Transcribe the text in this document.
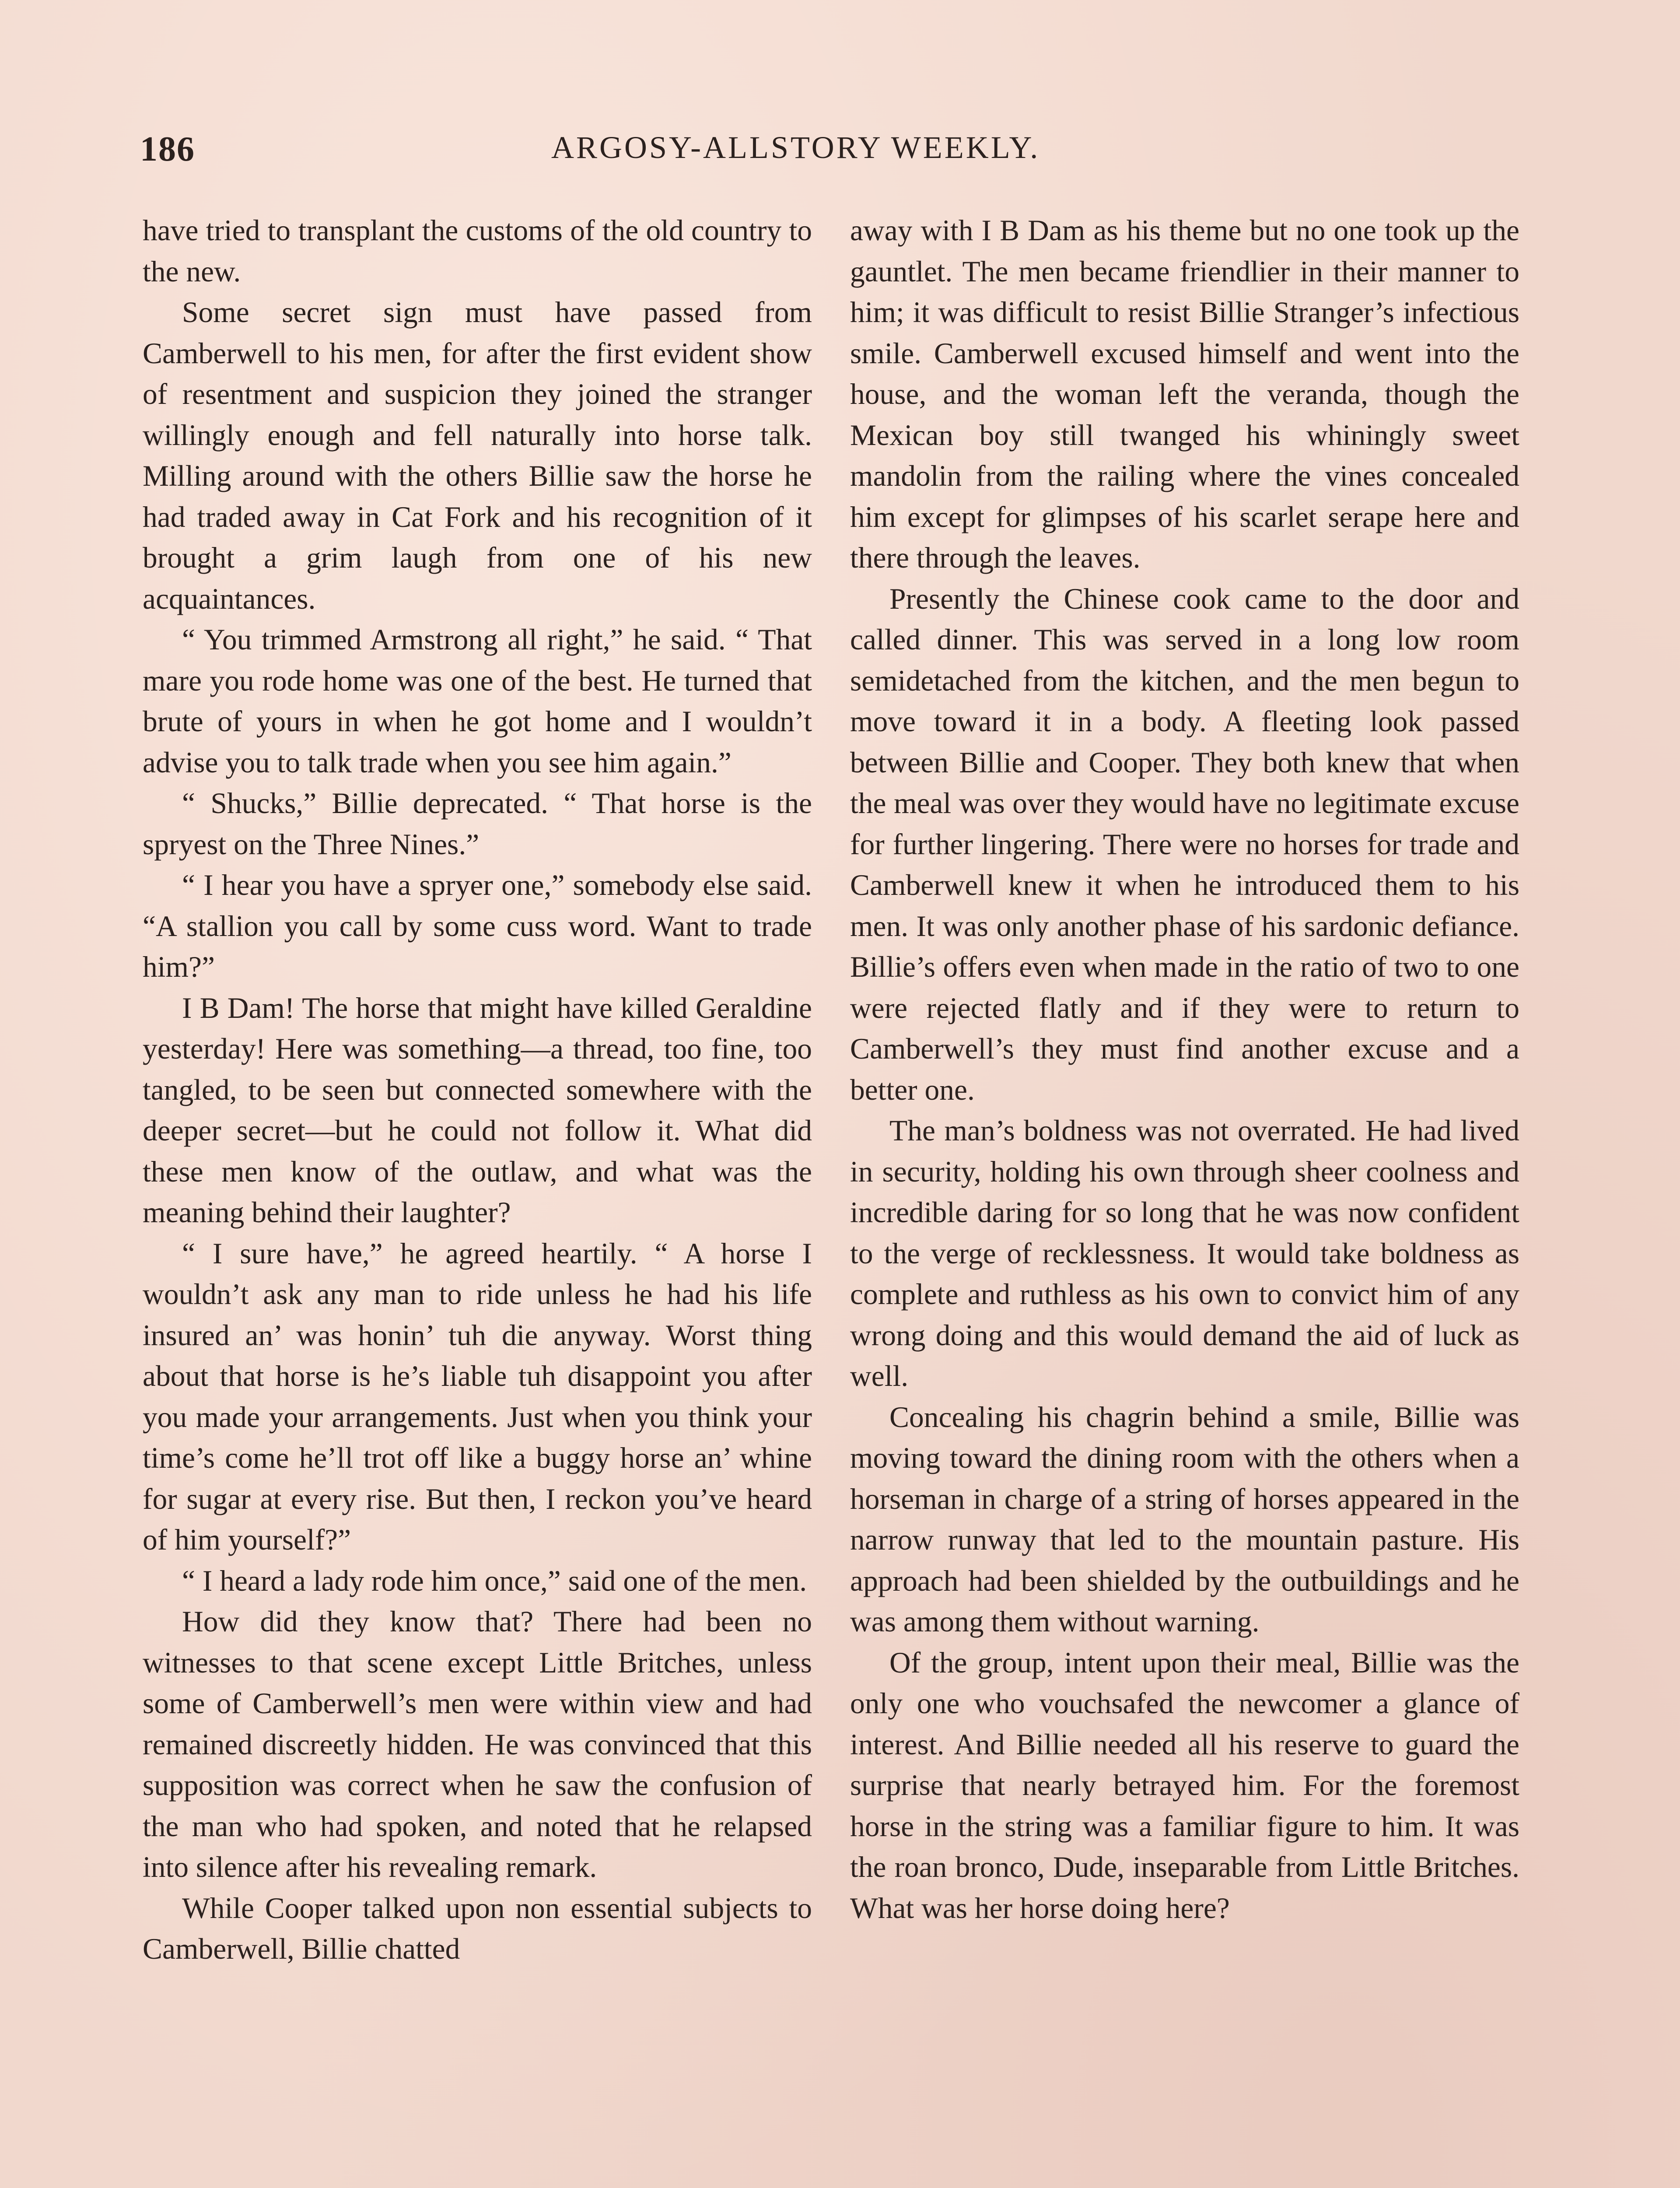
186	ARGOSY-ALLSTORY WEEKLY.

have tried to transplant the customs of the old country to the new.

Some secret sign must have passed from Camberwell to his men, for after the first evident show of resentment and suspicion they joined the stranger willingly enough and fell naturally into horse talk. Milling around with the others Billie saw the horse he had traded away in Cat Fork and his recognition of it brought a grim laugh from one of his new acquaintances.

“ You trimmed Armstrong all right,” he said. “ That mare you rode home was one of the best. He turned that brute of yours in when he got home and I wouldn’t advise you to talk trade when you see him again.”

“ Shucks,” Billie deprecated. “ That horse is the spryest on the Three Nines.”

“ I hear you have a spryer one,” somebody else said. “A stallion you call by some cuss word. Want to trade him?”

I B Dam! The horse that might have killed Geraldine yesterday! Here was something—a thread, too fine, too tangled, to be seen but connected somewhere with the deeper secret—but he could not follow it. What did these men know of the outlaw, and what was the meaning behind their laughter?

“ I sure have,” he agreed heartily. “ A horse I wouldn’t ask any man to ride unless he had his life insured an’ was honin’ tuh die anyway. Worst thing about that horse is he’s liable tuh disappoint you after you made your arrangements. Just when you think your time’s come he’ll trot off like a buggy horse an’ whine for sugar at every rise. But then, I reckon you’ve heard of him yourself?”

“ I heard a lady rode him once,” said one of the men.

How did they know that? There had been no witnesses to that scene except Little Britches, unless some of Camberwell’s men were within view and had remained discreetly hidden. He was convinced that this supposition was correct when he saw the confusion of the man who had spoken, and noted that he relapsed into silence after his revealing remark.

While Cooper talked upon non essential subjects to Camberwell, Billie chatted

away with I B Dam as his theme but no one took up the gauntlet. The men became friendlier in their manner to him; it was difficult to resist Billie Stranger’s infectious smile. Camberwell excused himself and went into the house, and the woman left the veranda, though the Mexican boy still twanged his whiningly sweet mandolin from the railing where the vines concealed him except for glimpses of his scarlet serape here and there through the leaves.

Presently the Chinese cook came to the door and called dinner. This was served in a long low room semidetached from the kitchen, and the men begun to move toward it in a body. A fleeting look passed between Billie and Cooper. They both knew that when the meal was over they would have no legitimate excuse for further lingering. There were no horses for trade and Camberwell knew it when he introduced them to his men. It was only another phase of his sardonic defiance. Billie’s offers even when made in the ratio of two to one were rejected flatly and if they were to return to Camberwell’s they must find another excuse and a better one.

The man’s boldness was not overrated. He had lived in security, holding his own through sheer coolness and incredible daring for so long that he was now confident to the verge of recklessness. It would take boldness as complete and ruthless as his own to convict him of any wrong doing and this would demand the aid of luck as well.

Concealing his chagrin behind a smile, Billie was moving toward the dining room with the others when a horseman in charge of a string of horses appeared in the narrow runway that led to the mountain pasture. His approach had been shielded by the outbuildings and he was among them without warning.

Of the group, intent upon their meal, Billie was the only one who vouchsafed the newcomer a glance of interest. And Billie needed all his reserve to guard the surprise that nearly betrayed him. For the foremost horse in the string was a familiar figure to him. It was the roan bronco, Dude, inseparable from Little Britches. What was her horse doing here?
